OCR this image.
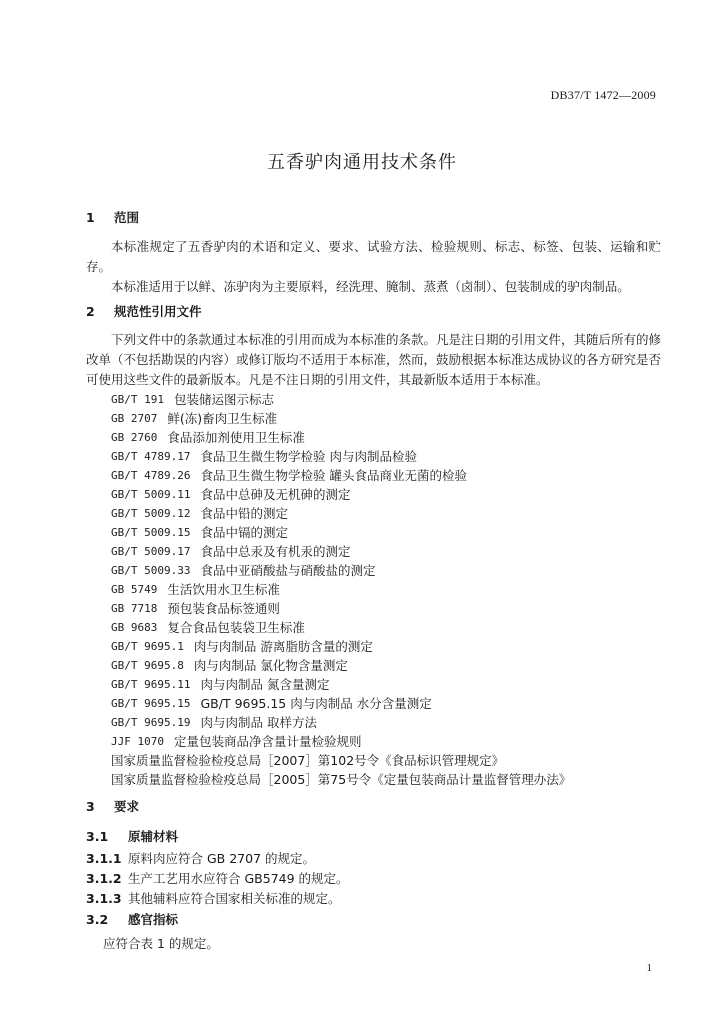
DB37/T 1472—2009
五香驴肉通用技术条件
1	范围

本标准规定了五香驴肉的术语和定义、要求、试验方法、检验规则、标志、标签、包装、运输和贮存。

本标准适用于以鲜、冻驴肉为主要原料，经洗理、腌制、蒸煮（卤制）、包装制成的驴肉制品。

2	规范性引用文件

下列文件中的条款通过本标准的引用而成为本标准的条款。凡是注日期的引用文件，其随后所有的修改单（不包括勘误的内容）或修订版均不适用于本标准，然而，鼓励根据本标准达成协议的各方研究是否可使用这些文件的最新版本。凡是不注日期的引用文件，其最新版本适用于本标准。

GB/T 191 包装储运图示标志
GB 2707 鲜(冻)畜肉卫生标准
GB 2760 食品添加剂使用卫生标准
GB/T 4789.17 食品卫生微生物学检验 肉与肉制品检验
GB/T 4789.26 食品卫生微生物学检验 罐头食品商业无菌的检验
GB/T 5009.11 食品中总砷及无机砷的测定
GB/T 5009.12 食品中铅的测定
GB/T 5009.15 食品中镉的测定
GB/T 5009.17 食品中总汞及有机汞的测定
GB/T 5009.33 食品中亚硝酸盐与硝酸盐的测定
GB 5749 生活饮用水卫生标准
GB 7718 预包装食品标签通则
GB 9683 复合食品包装袋卫生标准
GB/T 9695.1 肉与肉制品 游离脂肪含量的测定
GB/T 9695.8 肉与肉制品 氯化物含量测定
GB/T 9695.11 肉与肉制品 氮含量测定
GB/T 9695.15 GB/T 9695.15 肉与肉制品 水分含量测定
GB/T 9695.19 肉与肉制品 取样方法
JJF 1070 定量包装商品净含量计量检验规则
国家质量监督检验检疫总局［2007］第102号令《食品标识管理规定》
国家质量监督检验检疫总局［2005］第75号令《定量包装商品计量监督管理办法》
3	要求
3.1	原辅材料
3.1.1 原料肉应符合 GB 2707 的规定。
3.1.2 生产工艺用水应符合 GB5749 的规定。
3.1.3 其他辅料应符合国家相关标准的规定。
3.2	感官指标
应符合表 1 的规定。
1
